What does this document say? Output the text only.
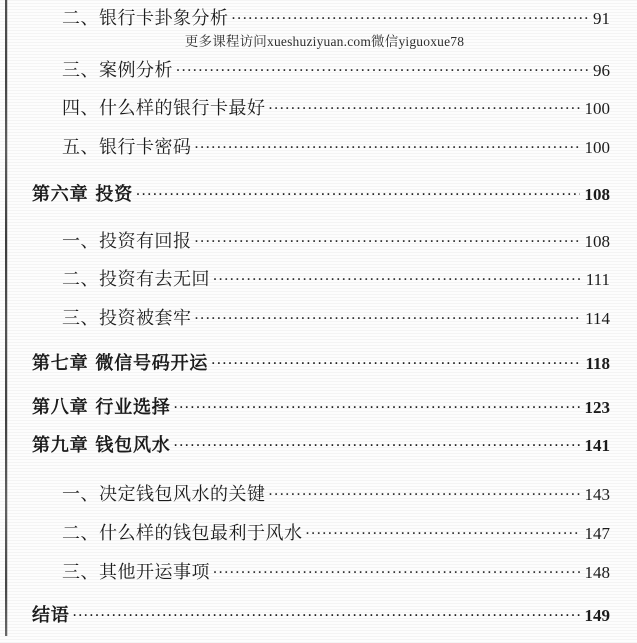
二、银行卡卦象分析 .....	91
三、案例分析 .....	96
四、什么样的银行卡最好 .....	100
五、银行卡密码 .....	100
第六章 投资 .....	108
一、投资有回报 .....	108
二、投资有去无回 .....	111
三、投资被套牢 .....	114
第七章 微信号码开运 .....	118
第八章 行业选择 .....	123
第九章 钱包风水 .....	141
一、决定钱包风水的关键 .....	143
二、什么样的钱包最利于风水 .....	147
三、其他开运事项 .....	148
结语 .....	149
更多课程访问xueshuziyuan.com微信yiguoxue78
